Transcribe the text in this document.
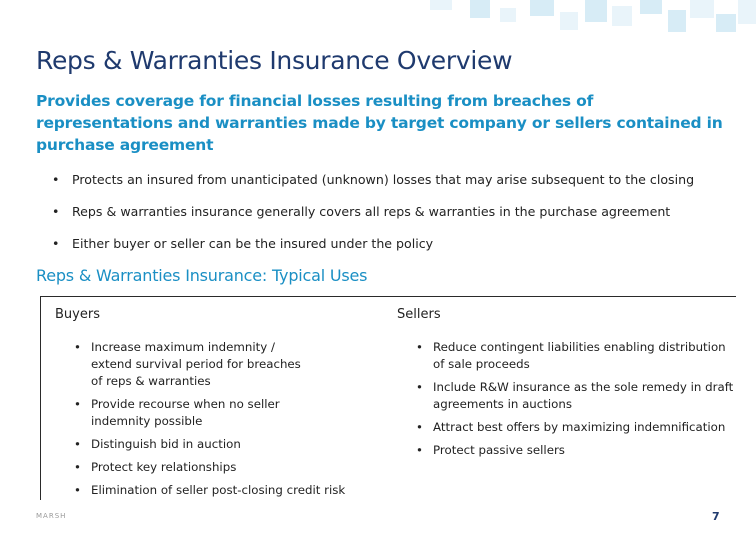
Reps & Warranties Insurance Overview
Provides coverage for financial losses resulting from breaches of representations and warranties made by target company or sellers contained in purchase agreement
• Protects an insured from unanticipated (unknown) losses that may arise subsequent to the closing
• Reps & warranties insurance generally covers all reps & warranties in the purchase agreement
• Either buyer or seller can be the insured under the policy
Reps & Warranties Insurance: Typical Uses
Buyers	Sellers
• Increase maximum indemnity / extend survival period for breaches of reps & warranties
• Provide recourse when no seller indemnity possible
• Distinguish bid in auction
• Protect key relationships
• Elimination of seller post-closing credit risk
• Reduce contingent liabilities enabling distribution of sale proceeds
• Include R&W insurance as the sole remedy in draft agreements in auctions
• Attract best offers by maximizing indemnification
• Protect passive sellers
MARSH	7
